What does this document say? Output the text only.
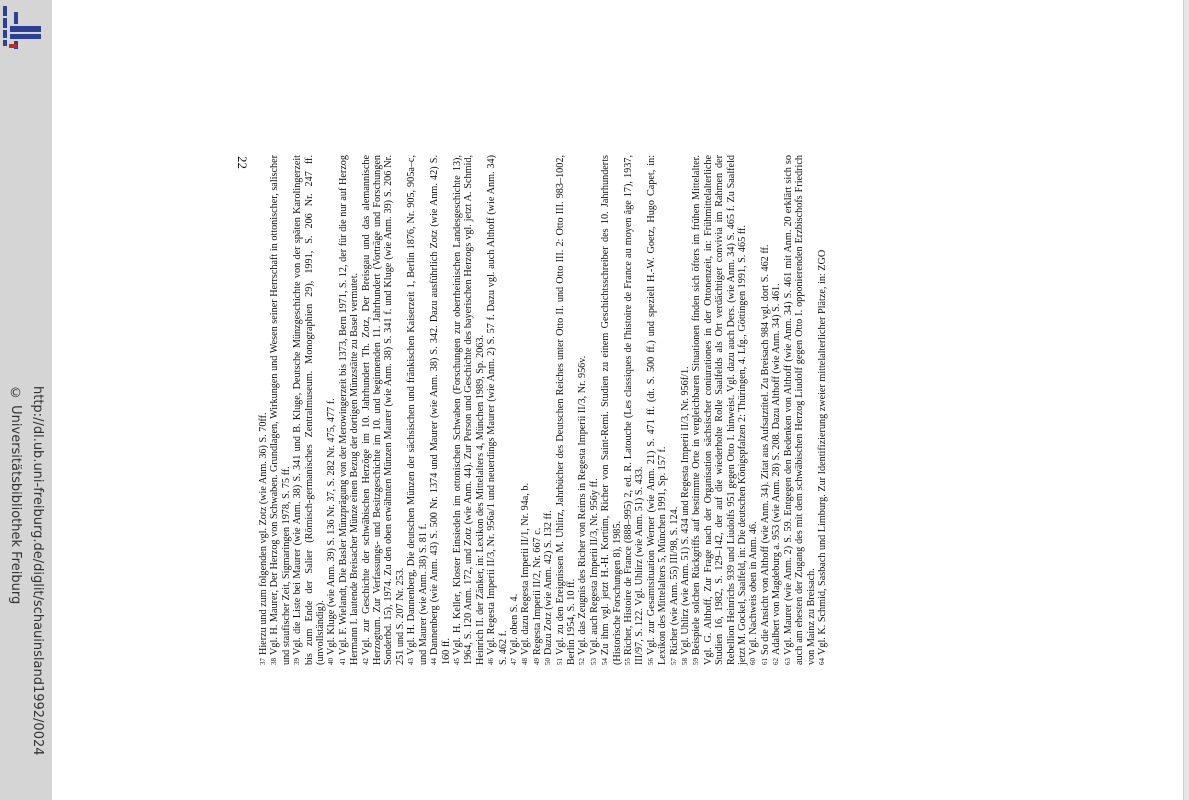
© Universitätsbibliothek Freiburg http://dl.ub.uni-freiburg.de/diglit/schauinsland1992/0024
22

$^{37}$Hierzu und zum folgenden vgl. Zotz (wie Anm. 36) S. 70ff.

$^{38}$Vgl. H. Maurer, Der Herzog von Schwaben. Grundlagen, Wirkungen und Wesen seiner Herrschaft in ottonischer, salischer und staufischer Zeit, Sigmaringen 1978, S. 75 ff. $^{39}$Vgl. die Liste bei Maurer (wie Anm. 38) S. 341 und B. Kluge, Deutsche Münzgeschichte von der späten Karolingerzeit bis zum Ende der Salier (Römisch-germanisches Zentralmuseum. Monographien 29), 1991, S. 206 Nr. 247 ff. (unvollständig). $^{40}$Vgl. Kluge (wie Anm. 39) S. 136 Nr. 37, S. 282 Nr. 475, 477 f.

$^{41}$Vgl. F. Wielandt, Die Basler Münzprägung von der Merowingerzeit bis 1373, Bern 1971, S. 12, der für die nur auf Herzog Hermann I. lautende Breisacher Münze einen Bezug der dortigen Münzstätte zu Basel vermutet. $^{42}$Vgl. zur Geschichte der schwäbischen Herzöge im 10. Jahrhundert Th. Zotz, Der Breisgau und das alemannische Herzogtum. Zur Verfassungs- und Besitzgeschichte im 10. und beginnenden 11. Jahrhundert (Vorträge und Forschungen Sonderbd. 15), 1974. Zu den oben erwähnten Münzen Maurer (wie Anm. 38) S. 341 f. und Kluge (wie Anm. 39) S. 206 Nr. 251 und S. 207 Nr. 253. $^{43}$Vgl. H. Dannenberg, Die deutschen Münzen der sächsischen und fränkischen Kaiserzeit 1, Berlin 1876, Nr. 905, 905a–c, und Maurer (wie Anm. 38) S. 81 f. $^{44}$Dannenberg (wie Anm. 43) S. 500 Nr. 1374 und Maurer (wie Anm. 38) S. 342. Dazu ausführlich Zotz (wie Anm. 42) S. 160 ff. $^{45}$Vgl. H. Keller, Kloster Einsiedeln im ottonischen Schwaben (Forschungen zur oberrheinischen Landesgeschichte 13), 1964, S. 120 Anm. 172, und Zotz (wie Anm. 44). Zur Person und Geschichte des bayerischen Herzogs vgl. jetzt A. Schmid, Heinrich II. der Zänker, in: Lexikon des Mittelalters 4, München 1989, Sp. 2063. $^{46}$Vgl. Regesta Imperii II/3, Nr. 956a/1 und neuerdings Maurer (wie Anm. 2) S. 57 f. Dazu vgl. auch Althoff (wie Anm. 34) S. 462 f. $^{47}$Vgl. oben S. 4.

$^{48}$Vgl. dazu Regesta Imperii II/1, Nr. 94a, b.

$^{49}$Regesta Imperii II/2, Nr. 667 c.

$^{50}$Dazu Zotz (wie Anm. 42) S. 132 ff.

$^{51}$Vgl. zu den Ereignissen M. Uhlirz, Jahrbücher des Deutschen Reiches unter Otto II. und Otto III. 2: Otto III. 983–1002, Berlin 1954, S. 10 ff. $^{52}$Vgl. das Zeugnis des Richer von Reims in Regesta Imperii II/3, Nr. 956v.

$^{53}$Vgl. auch Regesta Imperii II/3, Nr. 956y ff.

$^{54}$Zu ihm vgl. jetzt H.-H. Kortüm, Richer von Saint-Remi. Studien zu einem Geschichtsschreiber des 10. Jahrhunderts (Historische Forschungen 8), 1985. $^{55}$Richer, Histoire de France (888–995) 2, ed. R. Latouche (Les classiques de l'histoire de France au moyen âge 17), 1937, III/97, S. 122. Vgl. Uhlirz (wie Anm. 51) S. 433. $^{56}$Vgl. zur Gesamtsituation Werner (wie Anm. 21) S. 471 ff. (dt. S. 500 ff.) und speziell H.-W. Goetz, Hugo Capet, in: Lexikon des Mittelalters 5, München 1991, Sp. 157 f. $^{57}$Richer (wie Anm. 55) III/98, S. 124.

$^{58}$Vgl. Uhlirz (wie Anm. 51) S. 434 und Regesta Imperii II/3, Nr. 956f/1.

$^{59}$Beispiele solchen Rückgriffs auf bestimmte Orte in vergleichbaren Situationen finden sich öfters im frühen Mittelalter. Vgl. G. Althoff, Zur Frage nach der Organisation sächsischer coniurationes in der Ottonenzeit, in: Frühmittelalterliche Studien 16, 1982, S. 129–142, der auf die wiederholte Rolle Saalfelds als Ort verdächtiger convivia im Rahmen der Rebellion Heinrichs 939 und Liudolfs 951 gegen Otto I. hinweist. Vgl. dazu auch Ders. (wie Anm. 34) S. 465 f. Zu Saalfeld jetzt M. Gockel, Saalfeld, in: Die deutschen Königspfalzen 2: Thüringen, 4. Lfg., Göttingen 1991, S. 465 ff. $^{60}$Vgl. Nachweis oben in Anm. 46.

$^{61}$So die Ansicht von Althoff (wie Anm. 34). Zitat aus Aufsatztitel. Zu Breisach 984 vgl. dort S. 462 ff.

$^{62}$Adalbert von Magdeburg a. 953 (wie Anm. 28) S. 208. Dazu Althoff (wie Anm. 34) S. 461.

$^{63}$Vgl. Maurer (wie Anm. 2) S. 59. Entgegen den Bedenken von Althoff (wie Anm. 34) S. 461 mit Anm. 20 erklärt sich so auch am ehesten der Zugang des mit dem schwäbischen Herzog Liudolf gegen Otto I. opponierenden Erzbischofs Friedrich von Mainz zu Breisach. $^{64}$Vgl. K. Schmid, Sasbach und Limburg. Zur Identifizierung zweier mittelalterlicher Plätze, in: ZGO
